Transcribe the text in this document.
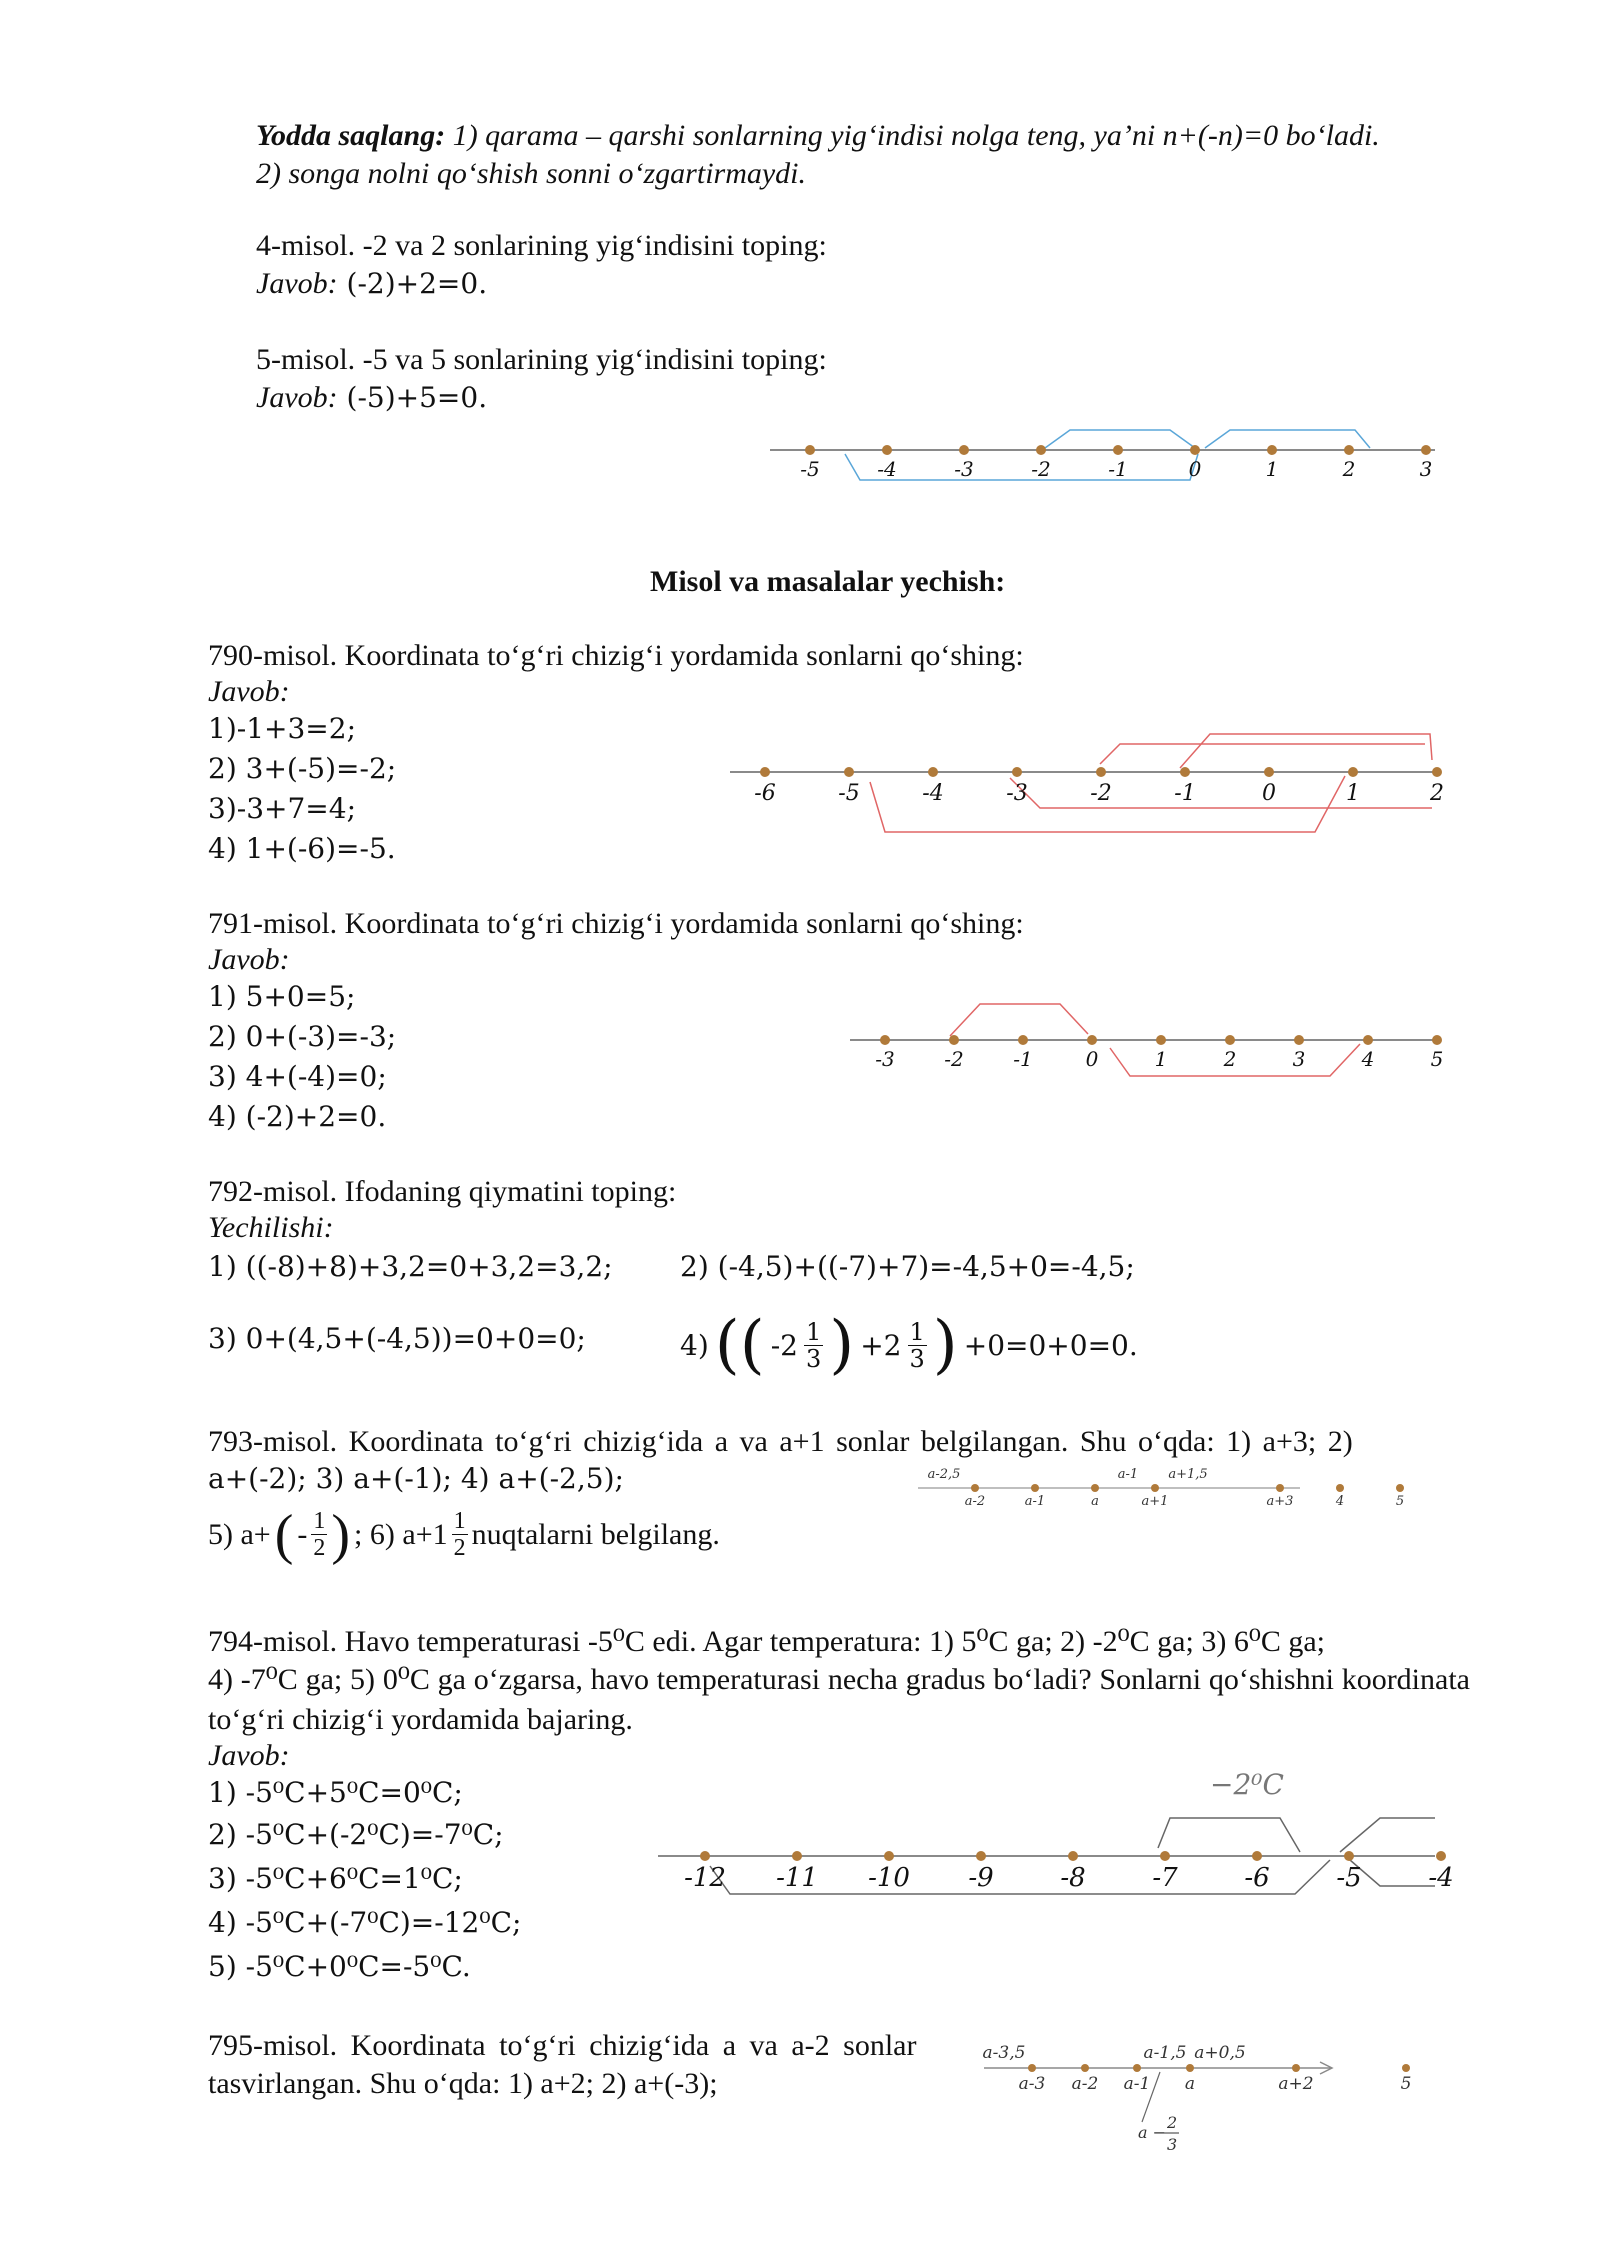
Yodda saqlang: 1) qarama – qarshi sonlarning yig‘indisi nolga teng, ya’ni n+(-n)=0 bo‘ladi.
2) songa nolni qo‘shish sonni o‘zgartirmaydi.
4-misol. -2 va 2 sonlarining yig‘indisini toping:
Javob: (-2)+2=0.
5-misol. -5 va 5 sonlarining yig‘indisini toping:
Javob: (-5)+5=0.
-5	-4	-3	-2	-1	0	1	2	3
Misol va masalalar yechish:
790-misol. Koordinata to‘g‘ri chizig‘i yordamida sonlarni qo‘shing:
Javob:
1)-1+3=2;
2) 3+(-5)=-2;
3)-3+7=4;
4) 1+(-6)=-5.
-6	-5	-4	-3	-2	-1	0	1	2
791-misol. Koordinata to‘g‘ri chizig‘i yordamida sonlarni qo‘shing:
Javob:
1) 5+0=5;
2) 0+(-3)=-3;
3) 4+(-4)=0;
4) (-2)+2=0.
-3 -2 -1	0	1	2	3	4	5
792-misol. Ifodaning qiymatini toping:
Yechilishi:
1) ((-8)+8)+3,2=0+3,2=3,2; 2) (-4,5)+((-7)+7)=-4,5+0=-4,5;
3) 0+(4,5+(-4,5))=0+0=0;	4) (( $-2 \frac{1}{3}$ ) $+2 \frac{1}{3}$ ) +0=0+0=0.
793-misol. Koordinata to‘g‘ri chizig‘ida a va a+1 sonlar belgilangan. Shu o‘qda: 1) a+3; 2)
a+(-2); 3) a+(-1); 4) a+(-2,5);
5) a+ ( - $\frac{1}{2}$ ) ; 6) $a+1 \frac{1}{2}$ nuqtalarni belgilang.
a-2,5	a-1 a+1,5
a-2	a-1	a	a+1	a+3	4	5
794-misol. Havo temperaturasi -5⁰C edi. Agar temperatura: 1) 5⁰C ga; 2) -2⁰C ga; 3) 6⁰C ga;
4) -7⁰C ga; 5) 0⁰C ga o‘zgarsa, havo temperaturasi necha gradus bo‘ladi? Sonlarni qo‘shishni koordinata to‘g‘ri chizig‘i yordamida bajaring.
Javob:
1) -5⁰C+5⁰C=0⁰C;
2) -5⁰C+(-2⁰C)=-7⁰C;
3) -5⁰C+6⁰C=1⁰C;
4) -5⁰C+(-7⁰C)=-12⁰C;
5) -5⁰C+0⁰C=-5⁰C.
−2⁰C
-12 -11 -10 -9	-8	-7	-6	-5	-4
795-misol. Koordinata to‘g‘ri chizig‘ida a va a-2 sonlar
tasvirlangan. Shu o‘qda: 1) a+2; 2) a+(-3);
a-3,5	a-1,5 a+0,5
a-3 a-2 a-1 a	a+2	5
a −
2
3
